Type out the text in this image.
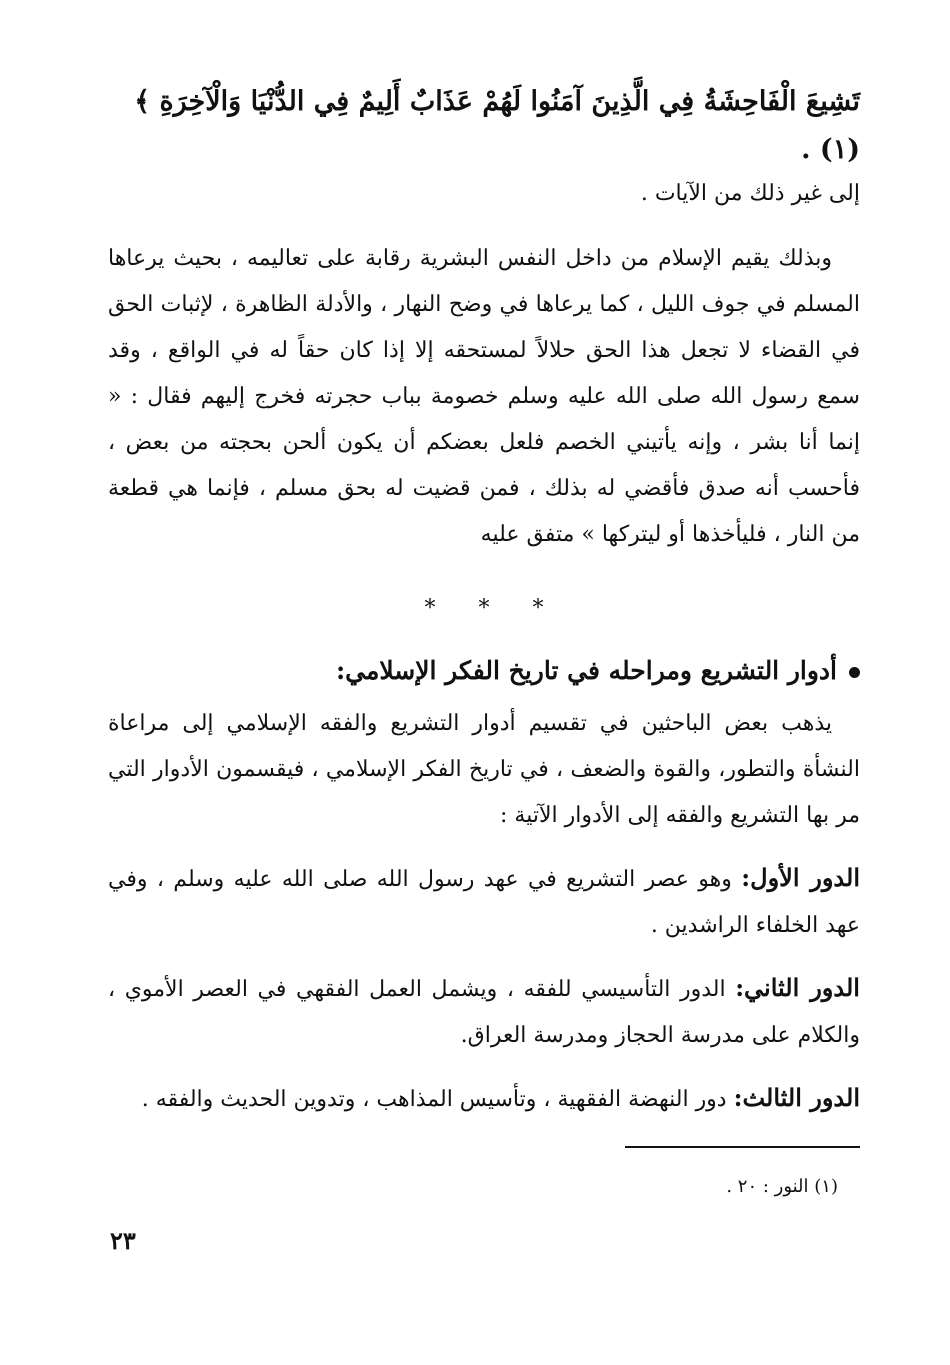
تَشِيعَ الْفَاحِشَةُ فِي الَّذِينَ آمَنُوا لَهُمْ عَذَابٌ أَلِيمٌ فِي الدُّنْيَا وَالْآخِرَةِ ﴾ (١) .

إلى غير ذلك من الآيات .

وبذلك يقيم الإسلام من داخل النفس البشرية رقابة على تعاليمه ، بحيث يرعاها المسلم في جوف الليل ، كما يرعاها في وضح النهار ، والأدلة الظاهرة ، لإثبات الحق في القضاء لا تجعل هذا الحق حلالاً لمستحقه إلا إذا كان حقاً له في الواقع ، وقد سمع رسول الله صلى الله عليه وسلم خصومة بباب حجرته فخرج إليهم فقال : « إنما أنا بشر ، وإنه يأتيني الخصم فلعل بعضكم أن يكون ألحن بحجته من بعض ، فأحسب أنه صدق فأقضي له بذلك ، فمن قضيت له بحق مسلم ، فإنما هي قطعة من النار ، فليأخذها أو ليتركها » متفق عليه

* * *

أدوار التشريع ومراحله في تاريخ الفكر الإسلامي:

يذهب بعض الباحثين في تقسيم أدوار التشريع والفقه الإسلامي إلى مراعاة النشأة والتطور، والقوة والضعف ، في تاريخ الفكر الإسلامي ، فيقسمون الأدوار التي مر بها التشريع والفقه إلى الأدوار الآتية :

الدور الأول: وهو عصر التشريع في عهد رسول الله صلى الله عليه وسلم ، وفي عهد الخلفاء الراشدين .

الدور الثاني: الدور التأسيسي للفقه ، ويشمل العمل الفقهي في العصر الأموي ، والكلام على مدرسة الحجاز ومدرسة العراق.

الدور الثالث: دور النهضة الفقهية ، وتأسيس المذاهب ، وتدوين الحديث والفقه .

(١) النور : ٢٠ .

٢٣
